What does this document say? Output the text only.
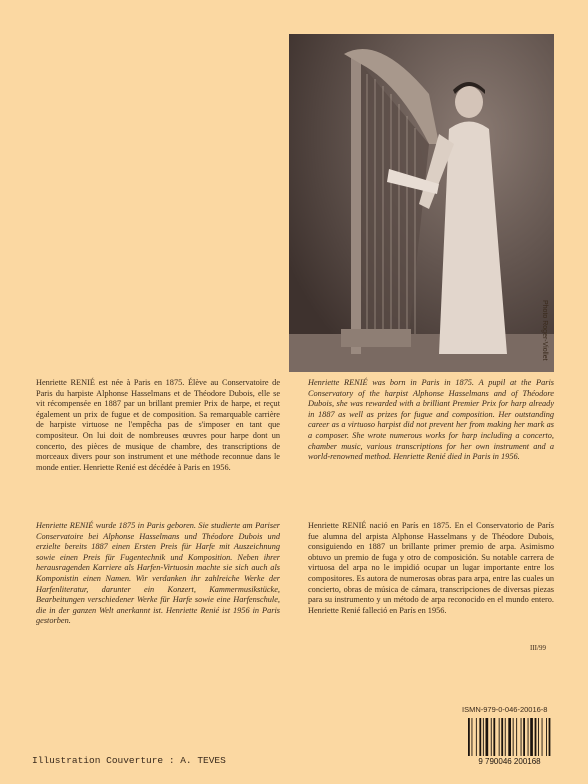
Photo Roger-Viollet

Henriette RENIÉ est née à Paris en 1875. Élève au Conservatoire de Paris du harpiste Alphonse Hasselmans et de Théodore Dubois, elle se vit récompensée en 1887 par un brillant premier Prix de harpe, et reçut également un prix de fugue et de composition. Sa remarquable carrière de harpiste virtuose ne l'empêcha pas de s'imposer en tant que compositeur. On lui doit de nombreuses œuvres pour harpe dont un concerto, des pièces de musique de chambre, des transcriptions de morceaux divers pour son instrument et une méthode reconnue dans le monde entier. Henriette Renié est décédée à Paris en 1956.

Henriette RENIÉ was born in Paris in 1875. A pupil at the Paris Conservatory of the harpist Alphonse Hasselmans and of Théodore Dubois, she was rewarded with a brilliant Premier Prix for harp already in 1887 as well as prizes for fugue and composition. Her outstanding career as a virtuoso harpist did not prevent her from making her mark as a composer. She wrote numerous works for harp including a concerto, chamber music, various transcriptions for her own instrument and a world-renowned method. Henriette Renié died in Paris in 1956.

Henriette RENIÉ wurde 1875 in Paris geboren. Sie studierte am Pariser Conservatoire bei Alphonse Hasselmans und Théodore Dubois und erzielte bereits 1887 einen Ersten Preis für Harfe mit Auszeichnung sowie einen Preis für Fugentechnik und Komposition. Neben ihrer herausragenden Karriere als Harfen-Virtuosin machte sie sich auch als Komponistin einen Namen. Wir verdanken ihr zahlreiche Werke der Harfenliteratur, darunter ein Konzert, Kammermusikstücke, Bearbeitungen verschiedener Werke für Harfe sowie eine Harfenschule, die in der ganzen Welt anerkannt ist. Henriette Renié ist 1956 in Paris gestorben.

Henriette RENIÉ nació en París en 1875. En el Conservatorio de París fue alumna del arpista Alphonse Hasselmans y de Théodore Dubois, consiguiendo en 1887 un brillante primer premio de arpa. Asimismo obtuvo un premio de fuga y otro de composición. Su notable carrera de virtuosa del arpa no le impidió ocupar un lugar importante entre los compositores. Es autora de numerosas obras para arpa, entre las cuales un concierto, obras de música de cámara, transcripciones de diversas piezas para su instrumento y un método de arpa reconocido en el mundo entero. Henriette Renié falleció en París en 1956.

III/99
ISMN-979-0-046-20016-8
9 790046 200168
Illustration Couverture : A. TEVES
